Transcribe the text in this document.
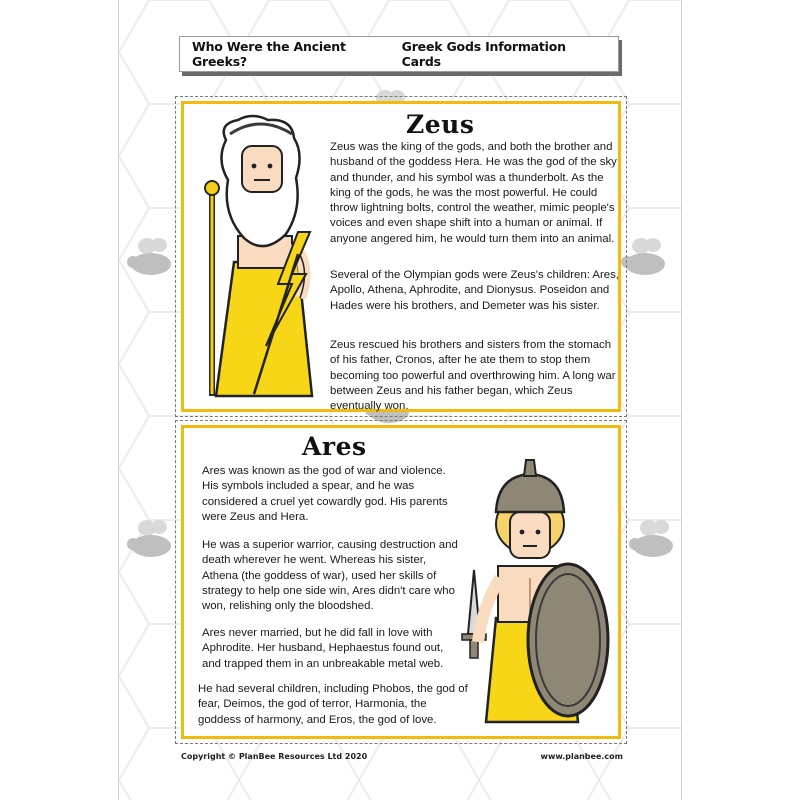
Who Were the Ancient Greeks?
Greek Gods Information Cards
Zeus
Zeus was the king of the gods, and both the brother and husband of the goddess Hera. He was the god of the sky and thunder, and his symbol was a thunderbolt. As the king of the gods, he was the most powerful. He could throw lightning bolts, control the weather, mimic people's voices and even shape shift into a human or animal. If anyone angered him, he would turn them into an animal.
Several of the Olympian gods were Zeus's children: Ares, Apollo, Athena, Aphrodite, and Dionysus. Poseidon and Hades were his brothers, and Demeter was his sister.
Zeus rescued his brothers and sisters from the stomach of his father, Cronos, after he ate them to stop them becoming too powerful and overthrowing him. A long war between Zeus and his father began, which Zeus eventually won.
Ares
Ares was known as the god of war and violence. His symbols included a spear, and he was considered a cruel yet cowardly god. His parents were Zeus and Hera.
He was a superior warrior, causing destruction and death wherever he went. Whereas his sister, Athena (the goddess of war), used her skills of strategy to help one side win, Ares didn't care who won, relishing only the bloodshed.
Ares never married, but he did fall in love with Aphrodite. Her husband, Hephaestus found out, and trapped them in an unbreakable metal web.
He had several children, including Phobos, the god of fear, Deimos, the god of terror, Harmonia, the goddess of harmony, and Eros, the god of love.
Copyright © PlanBee Resources Ltd 2020	www.planbee.com
